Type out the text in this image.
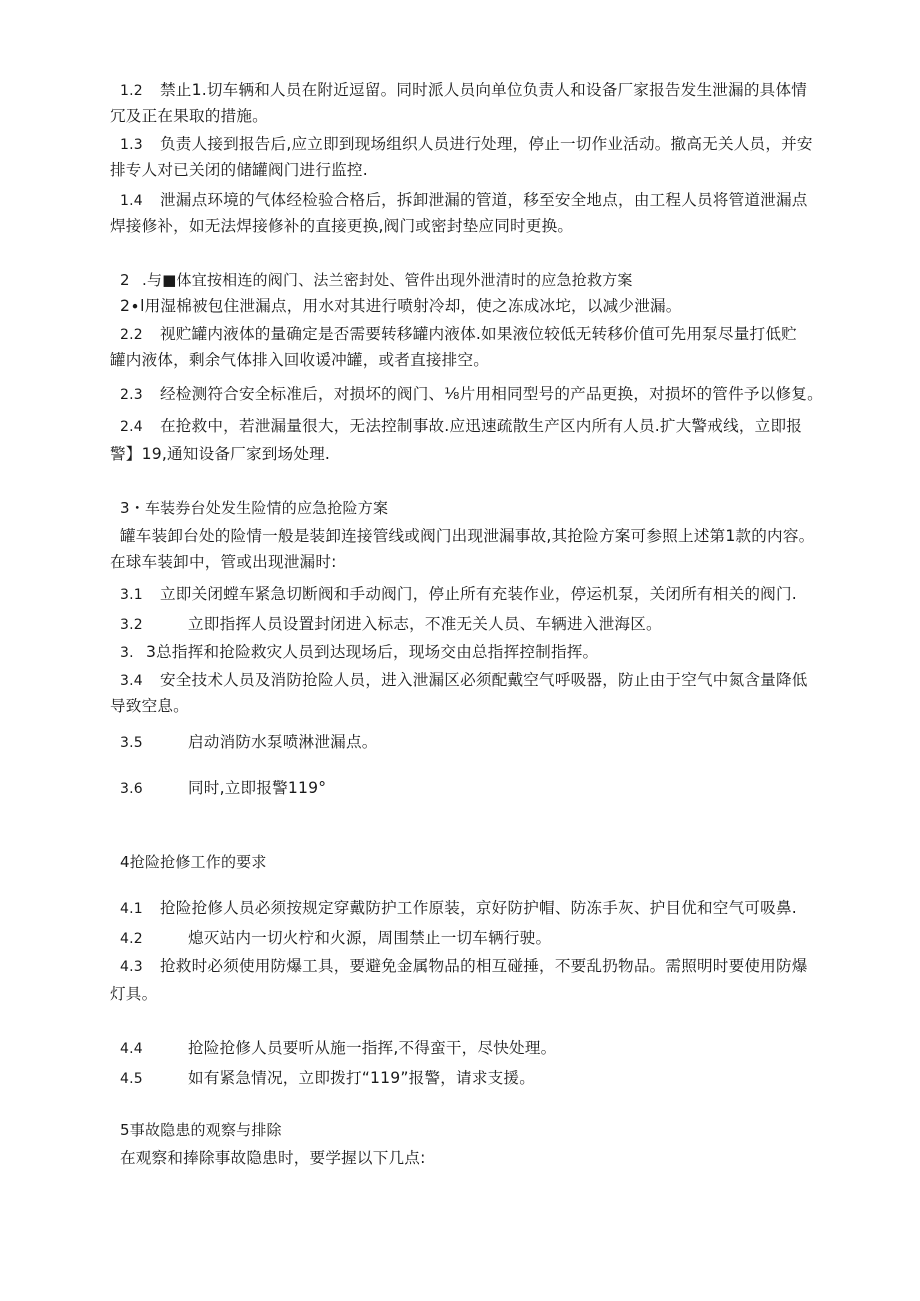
1.2 禁止1.切车辆和人员在附近逗留。同时派人员向单位负责人和设备厂家报告发生泄漏的具体情
冗及正在果取的措施。
1.3 负责人接到报告后,应立即到现场组织人员进行处理，停止一切作业活动。撤高无关人员，并安
排专人对已关闭的储罐阀门进行监控.
1.4 泄漏点环境的气体经检验合格后，拆卸泄漏的管道，移至安全地点，由工程人员将管道泄漏点
焊接修补，如无法焊接修补的直接更换,阀门或密封垫应同时更换。
2 .与■体宜按相连的阀门、法兰密封处、管件出现外泄清时的应急抢救方案
2∙l用湿棉被包住泄漏点，用水对其进行喷射冷却，使之冻成冰坨，以减少泄漏。
2.2 视贮罐内液体的量确定是否需要转移罐内液体.如果液位较低无转移价值可先用泵尽量打低贮
罐内液体，剩余气体排入回收谖冲罐，或者直接排空。
2.3 经检测符合安全标准后，对损坏的阀门、⅛片用相同型号的产品更换，对损坏的管件予以修复。
2.4 在抢救中，若泄漏量很大，无法控制事故.应迅速疏散生产区内所有人员.扩大警戒线，立即报
警】19,通知设备厂家到场处理.
3・车装券台处发生险情的应急抢险方案
罐车装卸台处的险情一般是装卸连接管线或阀门出现泄漏事故,其抢险方案可参照上述第1款的内容。
在球车装卸中，管或出现泄漏时:
3.1 立即关闭螳车紧急切断阀和手动阀门，停止所有充装作业，停运机泵，关闭所有相关的阀门.
3.2	立即指挥人员设置封闭进入标志，不准无关人员、车辆进入泄海区。
3. 3总指挥和抢险救灾人员到达现场后，现场交由总指挥控制指挥。
3.4 安全技术人员及消防抢险人员，进入泄漏区必须配戴空气呼吸器，防止由于空气中氮含量降低
导致空息。
3.5	启动消防水泵喷淋泄漏点。
3.6	同时,立即报警119°
4抢险抢修工作的要求
4.1 抢险抢修人员必须按规定穿戴防护工作原装，京好防护帽、防冻手灰、护目优和空气可吸鼻.
4.2	熄灭站内一切火柠和火源，周围禁止一切车辆行驶。
4.3 抢救时必须使用防爆工具，要避免金属物品的相互碰捶，不要乱扔物品。需照明时要使用防爆
灯具。
4.4	抢险抢修人员要听从施一指挥,不得蛮干，尽快处理。
4.5	如有紧急情况，立即拨打“119”报警，请求支援。
5事故隐患的观察与排除
在观察和捧除事故隐患时，要学握以下几点:
